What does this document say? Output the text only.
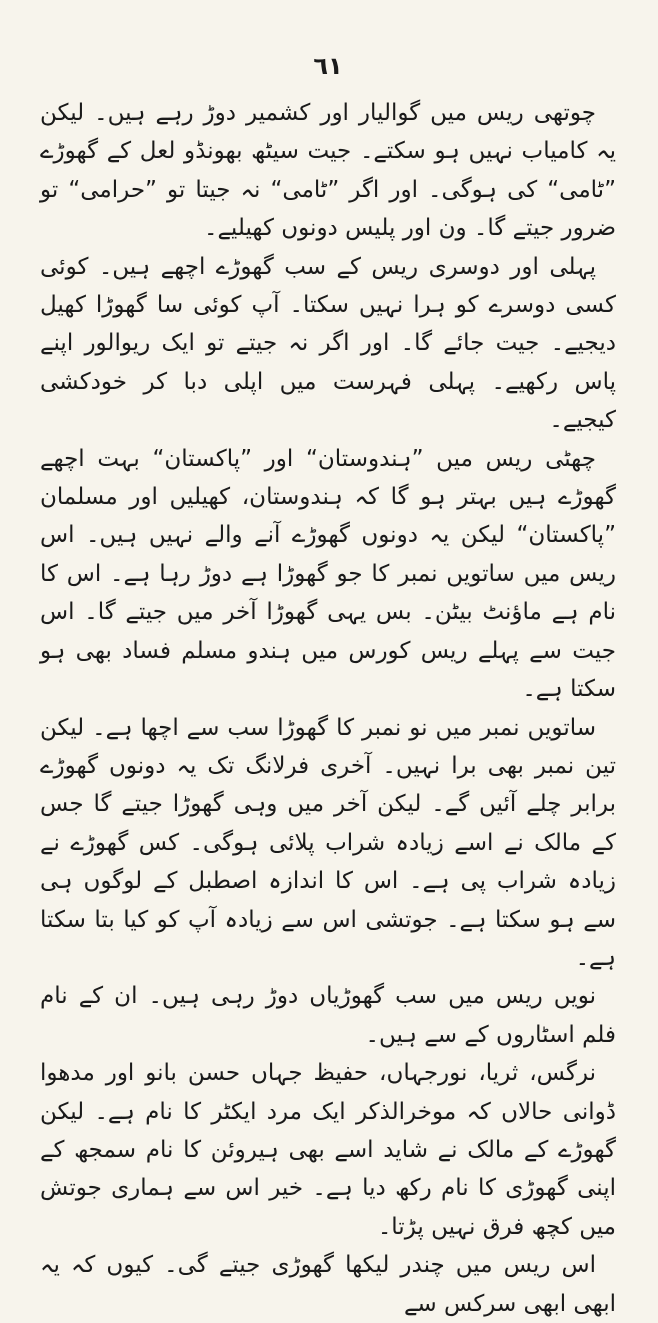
٦١

چوتھی ریس میں گوالیار اور کشمیر دوڑ رہے ہیں۔ لیکن یہ کامیاب نہیں ہو سکتے۔ جیت سیٹھ بھونڈو لعل کے گھوڑے ”ٹامی“ کی ہوگی۔ اور اگر ”ٹامی“ نہ جیتا تو ”حرامی“ تو ضرور جیتے گا۔ ون اور پلیس دونوں کھیلیے۔

پہلی اور دوسری ریس کے سب گھوڑے اچھے ہیں۔ کوئی کسی دوسرے کو ہرا نہیں سکتا۔ آپ کوئی سا گھوڑا کھیل دیجیے۔ جیت جائے گا۔ اور اگر نہ جیتے تو ایک ریوالور اپنے پاس رکھیے۔ پہلی فہرست میں اپلی دبا کر خودکشی کیجیے۔

چھٹی ریس میں ”ہندوستان“ اور ”پاکستان“ بہت اچھے گھوڑے ہیں بہتر ہو گا کہ ہندوستان، کھیلیں اور مسلمان ”پاکستان“ لیکن یہ دونوں گھوڑے آنے والے نہیں ہیں۔ اس ریس میں ساتویں نمبر کا جو گھوڑا ہے دوڑ رہا ہے۔ اس کا نام ہے ماؤنٹ بیٹن۔ بس یہی گھوڑا آخر میں جیتے گا۔ اس جیت سے پہلے ریس کورس میں ہندو مسلم فساد بھی ہو سکتا ہے۔

ساتویں نمبر میں نو نمبر کا گھوڑا سب سے اچھا ہے۔ لیکن تین نمبر بھی برا نہیں۔ آخری فرلانگ تک یہ دونوں گھوڑے برابر چلے آئیں گے۔ لیکن آخر میں وہی گھوڑا جیتے گا جس کے مالک نے اسے زیادہ شراب پلائی ہوگی۔ کس گھوڑے نے زیادہ شراب پی ہے۔ اس کا اندازہ اصطبل کے لوگوں ہی سے ہو سکتا ہے۔ جوتشی اس سے زیادہ آپ کو کیا بتا سکتا ہے۔

نویں ریس میں سب گھوڑیاں دوڑ رہی ہیں۔ ان کے نام فلم اسٹاروں کے سے ہیں۔

نرگس، ثریا، نورجہاں، حفیظ جہاں حسن بانو اور مدھوا ڈوانی حالاں کہ موخرالذکر ایک مرد ایکٹر کا نام ہے۔ لیکن گھوڑے کے مالک نے شاید اسے بھی ہیروئن کا نام سمجھ کے اپنی گھوڑی کا نام رکھ دیا ہے۔ خیر اس سے ہماری جوتش میں کچھ فرق نہیں پڑتا۔

اس ریس میں چندر لیکھا گھوڑی جیتے گی۔ کیوں کہ یہ ابھی ابھی سرکس سے
